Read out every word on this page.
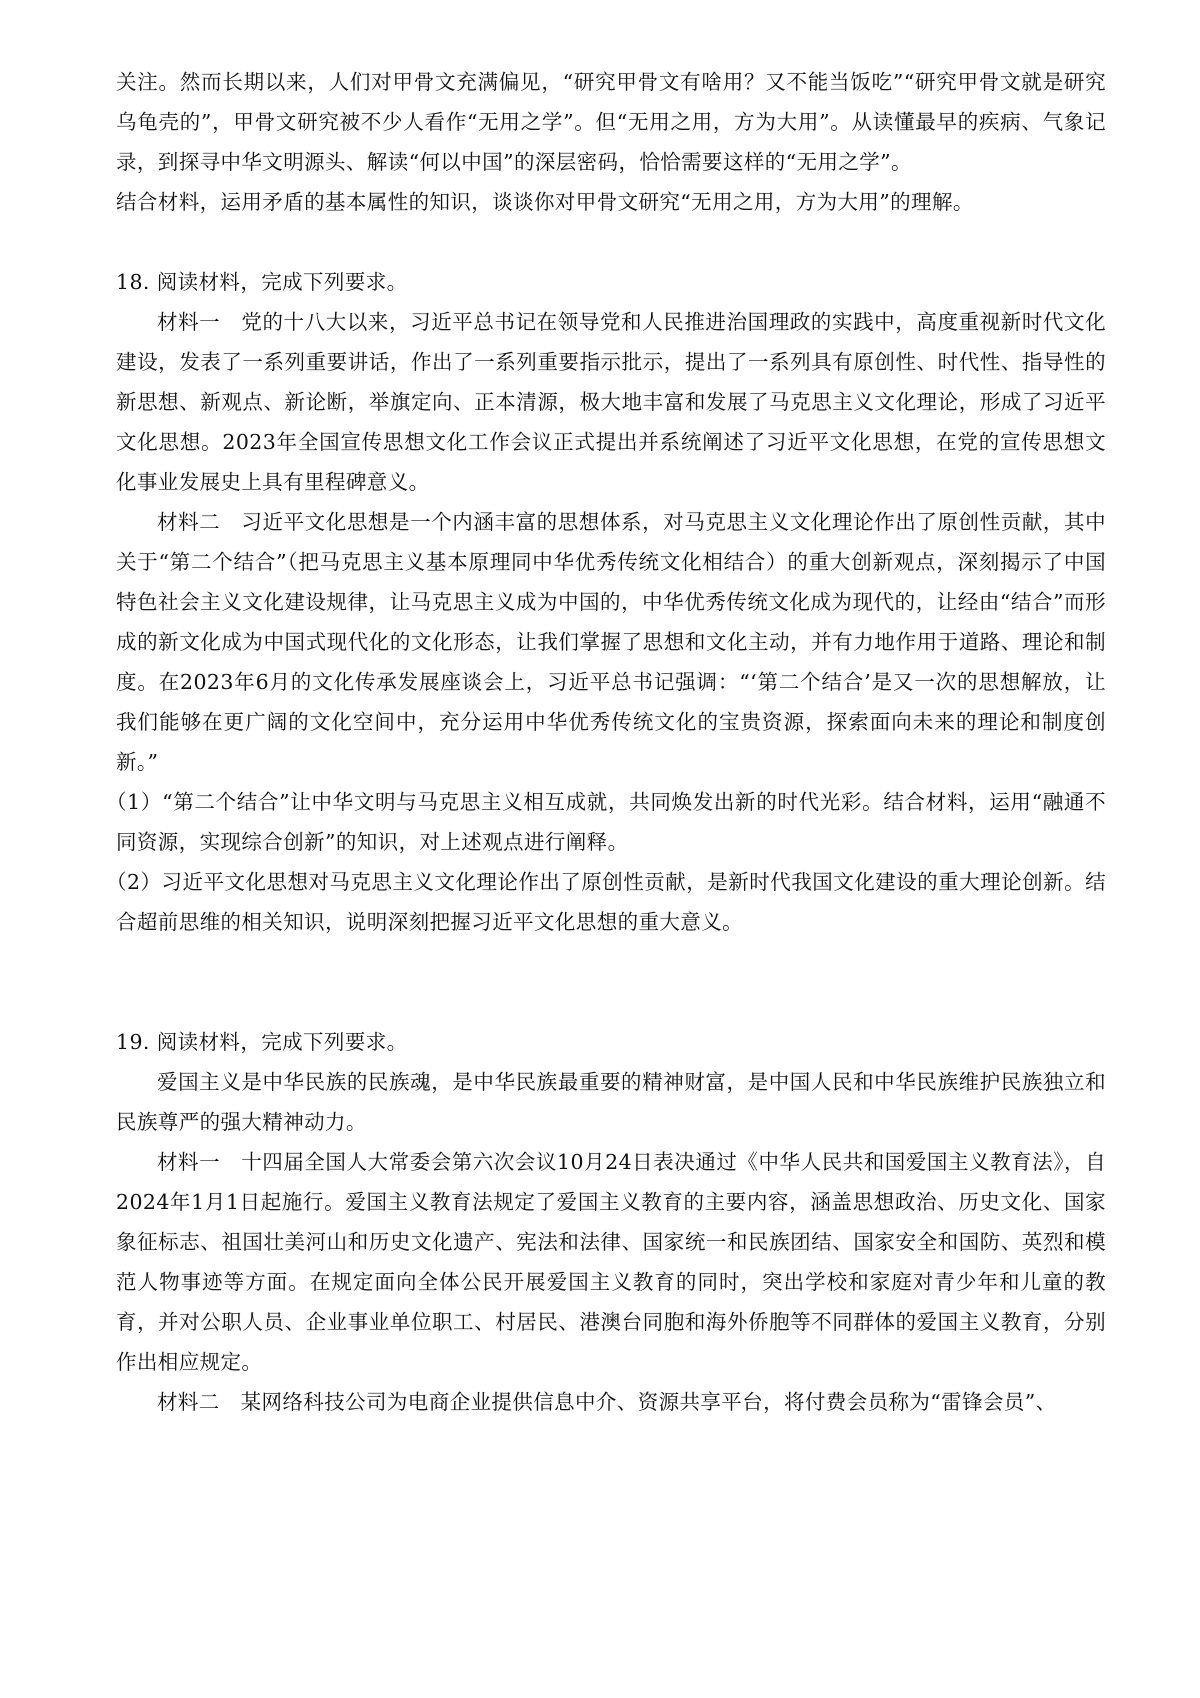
关注。然而长期以来，人们对甲骨文充满偏见，“研究甲骨文有啥用？又不能当饭吃”“研究甲骨文就是研究乌龟壳的”，甲骨文研究被不少人看作“无用之学”。但“无用之用，方为大用”。从读懂最早的疾病、气象记录，到探寻中华文明源头、解读“何以中国”的深层密码，恰恰需要这样的“无用之学”。

结合材料，运用矛盾的基本属性的知识，谈谈你对甲骨文研究“无用之用，方为大用”的理解。

18. 阅读材料，完成下列要求。

材料一　党的十八大以来，习近平总书记在领导党和人民推进治国理政的实践中，高度重视新时代文化建设，发表了一系列重要讲话，作出了一系列重要指示批示，提出了一系列具有原创性、时代性、指导性的新思想、新观点、新论断，举旗定向、正本清源，极大地丰富和发展了马克思主义文化理论，形成了习近平文化思想。2023年全国宣传思想文化工作会议正式提出并系统阐述了习近平文化思想，在党的宣传思想文化事业发展史上具有里程碑意义。

材料二　习近平文化思想是一个内涵丰富的思想体系，对马克思主义文化理论作出了原创性贡献，其中关于“第二个结合”（把马克思主义基本原理同中华优秀传统文化相结合）的重大创新观点，深刻揭示了中国特色社会主义文化建设规律，让马克思主义成为中国的，中华优秀传统文化成为现代的，让经由“结合”而形成的新文化成为中国式现代化的文化形态，让我们掌握了思想和文化主动，并有力地作用于道路、理论和制度。在2023年6月的文化传承发展座谈会上，习近平总书记强调：“‘第二个结合’是又一次的思想解放，让我们能够在更广阔的文化空间中，充分运用中华优秀传统文化的宝贵资源，探索面向未来的理论和制度创新。”

（1）“第二个结合”让中华文明与马克思主义相互成就，共同焕发出新的时代光彩。结合材料，运用“融通不同资源，实现综合创新”的知识，对上述观点进行阐释。

（2）习近平文化思想对马克思主义文化理论作出了原创性贡献，是新时代我国文化建设的重大理论创新。结合超前思维的相关知识，说明深刻把握习近平文化思想的重大意义。

19. 阅读材料，完成下列要求。

爱国主义是中华民族的民族魂，是中华民族最重要的精神财富，是中国人民和中华民族维护民族独立和民族尊严的强大精神动力。

材料一　十四届全国人大常委会第六次会议10月24日表决通过《中华人民共和国爱国主义教育法》，自2024年1月1日起施行。爱国主义教育法规定了爱国主义教育的主要内容，涵盖思想政治、历史文化、国家象征标志、祖国壮美河山和历史文化遗产、宪法和法律、国家统一和民族团结、国家安全和国防、英烈和模范人物事迹等方面。在规定面向全体公民开展爱国主义教育的同时，突出学校和家庭对青少年和儿童的教育，并对公职人员、企业事业单位职工、村居民、港澳台同胞和海外侨胞等不同群体的爱国主义教育，分别作出相应规定。

材料二　某网络科技公司为电商企业提供信息中介、资源共享平台，将付费会员称为“雷锋会员”、
